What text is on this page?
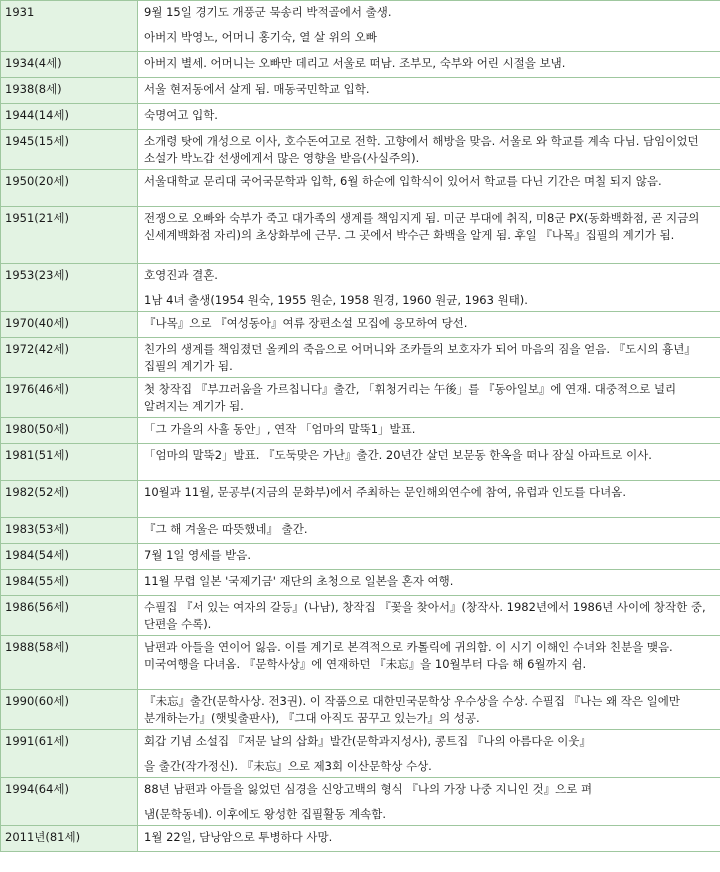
1931	9월 15일 경기도 개풍군 묵송리 박적골에서 출생.
아버지 박영노, 어머니 홍기숙, 열 살 위의 오빠

1934(4세)	아버지 별세. 어머니는 오빠만 데리고 서울로 떠남. 조부모, 숙부와 어린 시절을 보냄.

1938(8세)	서울 현저동에서 살게 됨. 매동국민학교 입학.

1944(14세)	숙명여고 입학.

1945(15세)	소개령 탓에 개성으로 이사, 호수돈여고로 전학. 고향에서 해방을 맞음. 서울로 와 학교를 계속 다님. 담임이었던 소설가 박노갑 선생에게서 많은 영향을 받음(사실주의).

1950(20세)	서울대학교 문리대 국어국문학과 입학, 6월 하순에 입학식이 있어서 학교를 다닌 기간은 며칠 되지 않음.

1951(21세)	전쟁으로 오빠와 숙부가 죽고 대가족의 생계를 책임지게 됨. 미군 부대에 취직, 미8군 PX(동화백화점, 곧 지금의 신세계백화점 자리)의 초상화부에 근무. 그 곳에서 박수근 화백을 알게 됨. 후일 『나목』집필의 계기가 됨.

1953(23세)	호영진과 결혼.
1남 4녀 출생(1954 원숙, 1955 원순, 1958 원경, 1960 원균, 1963 원태).

1970(40세)	『나목』으로 『여성동아』여류 장편소설 모집에 응모하여 당선.

1972(42세)	친가의 생계를 책임졌던 올케의 죽음으로 어머니와 조카들의 보호자가 되어 마음의 짐을 얻음. 『도시의 흉년』집필의 계기가 됨.

1976(46세)	첫 창작집 『부끄러움을 가르칩니다』출간, 「휘청거리는 午後」를 『동아일보』에 연재. 대중적으로 널리 알려지는 계기가 됨.

1980(50세)	「그 가을의 사흘 동안」, 연작 「엄마의 말뚝1」발표.

1981(51세)	「엄마의 말뚝2」발표. 『도둑맞은 가난』출간. 20년간 살던 보문동 한옥을 떠나 잠실 아파트로 이사.

1982(52세)	10월과 11월, 문공부(지금의 문화부)에서 주최하는 문인해외연수에 참여, 유럽과 인도를 다녀옴.

1983(53세)	『그 해 겨울은 따뜻했네』 출간.

1984(54세)	7월 1일 영세를 받음.

1984(55세)	11월 무렵 일본 '국제기금' 재단의 초청으로 일본을 혼자 여행.

1986(56세)	수필집 『서 있는 여자의 갈등』(나남), 창작집 『꽃을 찾아서』(창작사. 1982년에서 1986년 사이에 창작한 중, 단편을 수록).

1988(58세)	남편과 아들을 연이어 잃음. 이를 계기로 본격적으로 카톨릭에 귀의함. 이 시기 이해인 수녀와 친분을 맺음. 미국여행을 다녀옴. 『문학사상』에 연재하던 『未忘』을 10월부터 다음 해 6월까지 쉼.

1990(60세)	『未忘』출간(문학사상. 전3권). 이 작품으로 대한민국문학상 우수상을 수상. 수필집 『나는 왜 작은 일에만 분개하는가』(햇빛출판사), 『그대 아직도 꿈꾸고 있는가』의 성공.

1991(61세)	회갑 기념 소설집 『저문 날의 삽화』발간(문학과지성사), 콩트집 『나의 아름다운 이웃』
을 출간(작가정신). 『未忘』으로 제3회 이산문학상 수상.

1994(64세)	88년 남편과 아들을 잃었던 심경을 신앙고백의 형식 『나의 가장 나중 지니인 것』으로 펴
냄(문학동네). 이후에도 왕성한 집필활동 계속함.

2011년(81세)	1월 22일, 담낭암으로 투병하다 사망.
